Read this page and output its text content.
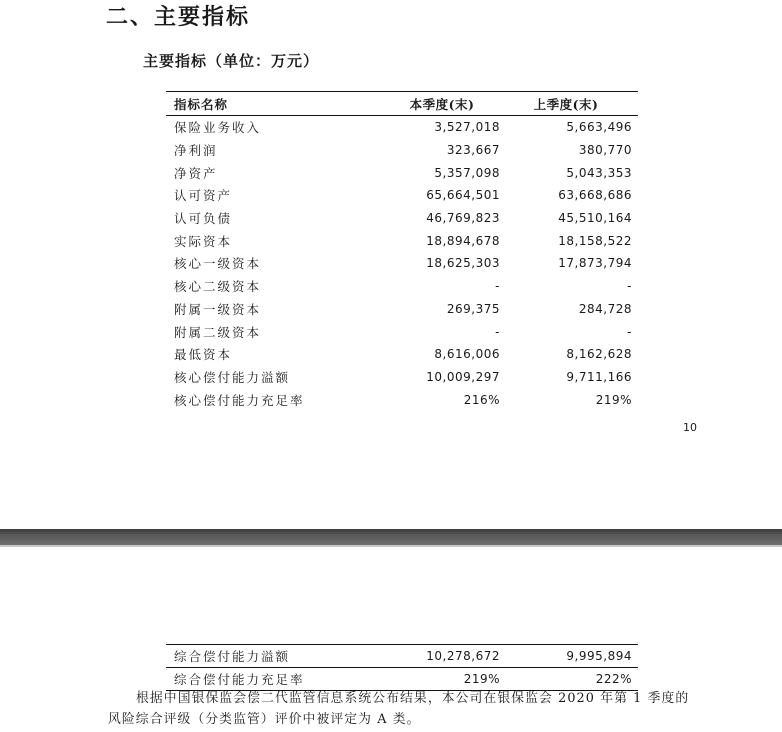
二、主要指标
主要指标（单位：万元）
指标名称	本季度(末)	上季度(末)
保险业务收入	3,527,018	5,663,496
净利润	323,667	380,770
净资产	5,357,098	5,043,353
认可资产	65,664,501	63,668,686
认可负债	46,769,823	45,510,164
实际资本	18,894,678	18,158,522
核心一级资本	18,625,303	17,873,794
核心二级资本	-	-
附属一级资本	269,375	284,728
附属二级资本	-	-
最低资本	8,616,006	8,162,628
核心偿付能力溢额	10,009,297	9,711,166
核心偿付能力充足率	216%	219%
10
综合偿付能力溢额	10,278,672	9,995,894
综合偿付能力充足率	219%	222%
根据中国银保监会偿二代监管信息系统公布结果，本公司在银保监会 2020 年第 1 季度的风险综合评级（分类监管）评价中被评定为 A 类。
